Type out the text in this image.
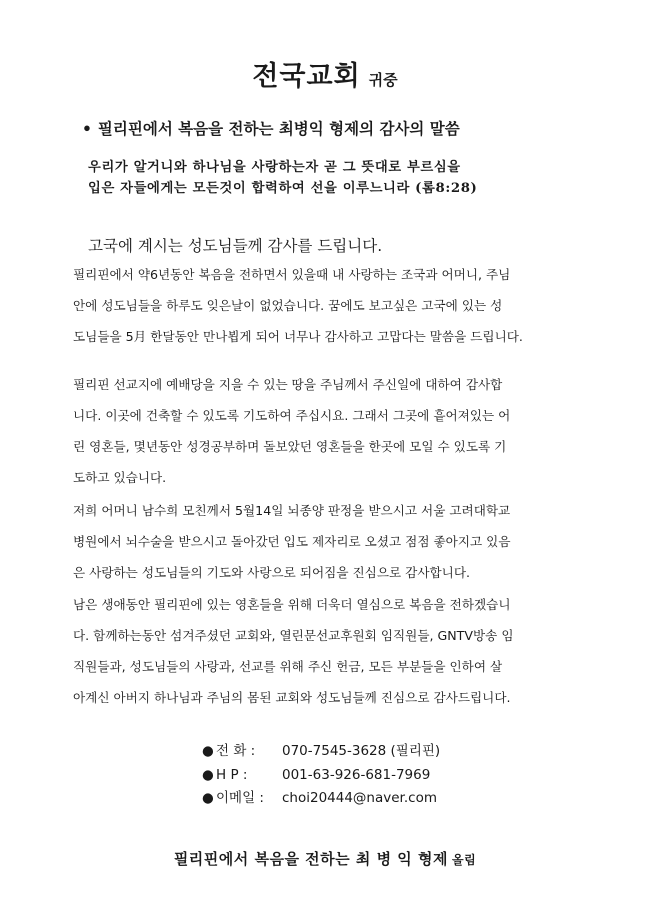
전국교회 귀중
• 필리핀에서 복음을 전하는 최병익 형제의 감사의 말씀
우리가 알거니와 하나님을 사랑하는자 곧 그 뜻대로 부르심을
입은 자들에게는 모든것이 합력하여 선을 이루느니라 (롬8:28)
고국에 계시는 성도님들께 감사를 드립니다.
필리핀에서 약6년동안 복음을 전하면서 있을때 내 사랑하는 조국과 어머니, 주님
안에 성도님들을 하루도 잊은날이 없었습니다. 꿈에도 보고싶은 고국에 있는 성
도님들을 5月 한달동안 만나뵙게 되어 너무나 감사하고 고맙다는 말씀을 드립니다.
필리핀 선교지에 예배당을 지을 수 있는 땅을 주님께서 주신일에 대하여 감사합
니다. 이곳에 건축할 수 있도록 기도하여 주십시요. 그래서 그곳에 흩어져있는 어
린 영혼들, 몇년동안 성경공부하며 돌보았던 영혼들을 한곳에 모일 수 있도록 기
도하고 있습니다.
저희 어머니 남수희 모친께서 5월14일 뇌종양 판정을 받으시고 서울 고려대학교
병원에서 뇌수술을 받으시고 돌아갔던 입도 제자리로 오셨고 점점 좋아지고 있음
은 사랑하는 성도님들의 기도와 사랑으로 되어짐을 진심으로 감사합니다.
남은 생애동안 필리핀에 있는 영혼들을 위해 더욱더 열심으로 복음을 전하겠습니
다. 함께하는동안 섬겨주셨던 교회와, 열린문선교후원회 임직원들, GNTV방송 임
직원들과, 성도님들의 사랑과, 선교를 위해 주신 헌금, 모든 부분들을 인하여 살
아계신 아버지 하나님과 주님의 몸된 교회와 성도님들께 진심으로 감사드립니다.
● 전 화 :	070-7545-3628 (필리핀)
● H P :	001-63-926-681-7969
● 이메일 :	choi20444@naver.com
필리핀에서 복음을 전하는 최 병 익 형제 올림
